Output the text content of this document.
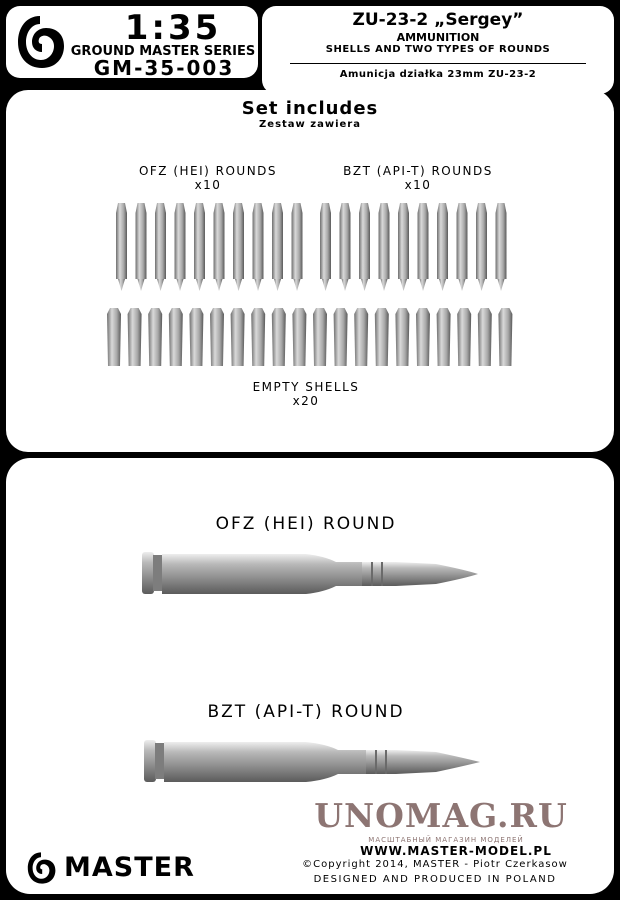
1:35
GROUND MASTER SERIES
GM-35-003
ZU-23-2 „Sergey”
AMMUNITION
SHELLS AND TWO TYPES OF ROUNDS
Amunicja działka 23mm ZU-23-2
Set includes
Zestaw zawiera
OFZ (HEI) ROUNDS
x10
BZT (API-T) ROUNDS
x10
EMPTY SHELLS
x20
OFZ (HEI) ROUND
BZT (API-T) ROUND
UNOMAG.RU
МАСШТАБНЫЙ МАГАЗИН МОДЕЛЕЙ
MASTER
WWW.MASTER-MODEL.PL
©Copyright 2014, MASTER - Piotr Czerkasow
DESIGNED AND PRODUCED IN POLAND
